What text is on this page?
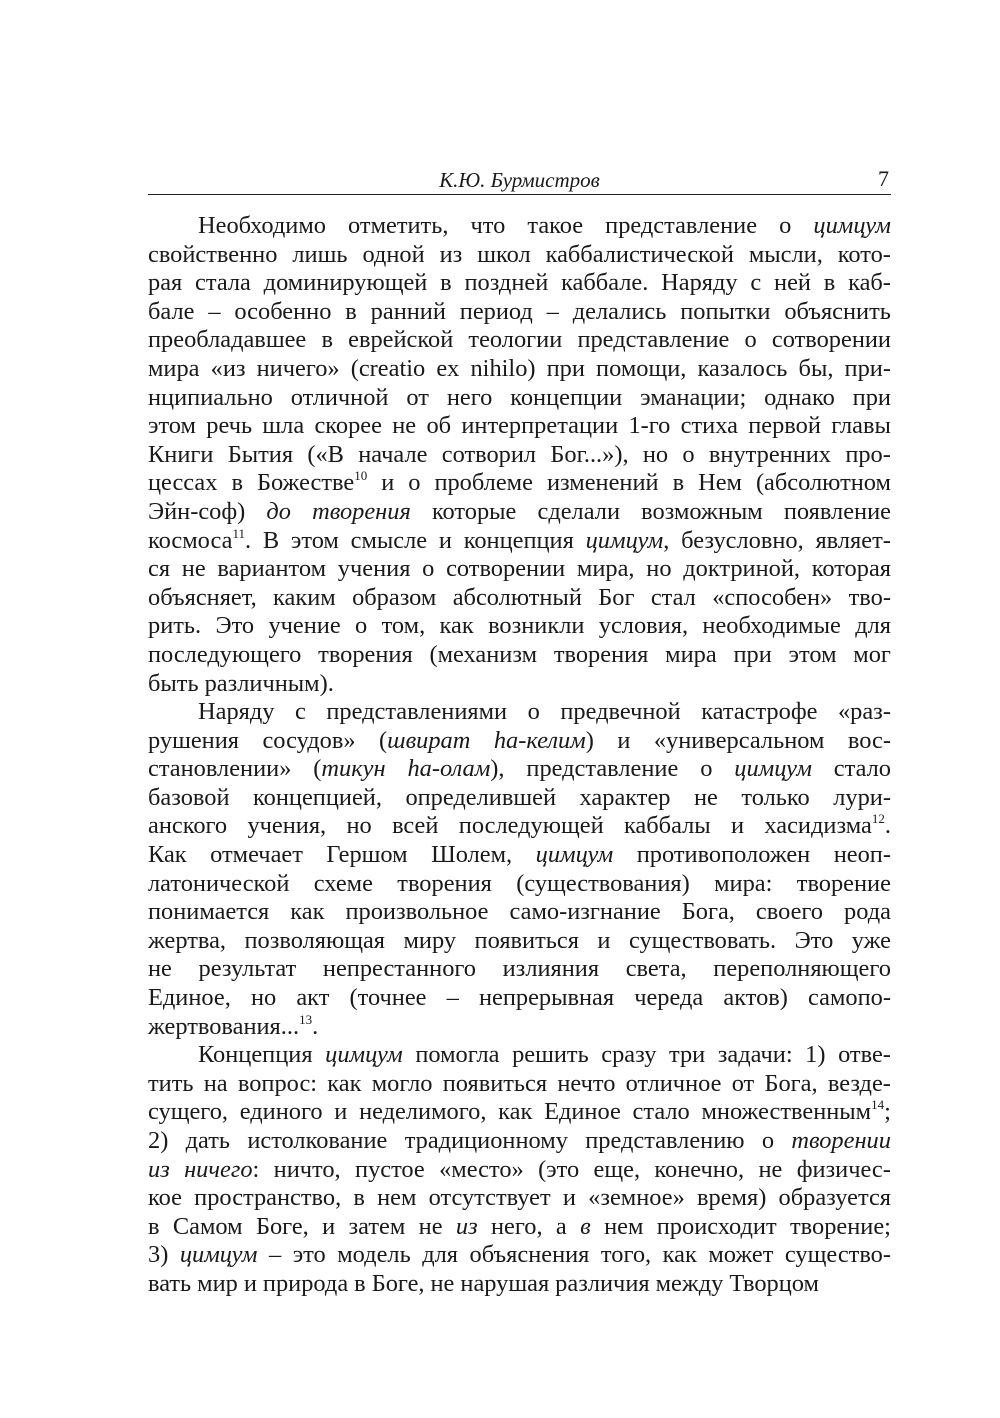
К.Ю. Бурмистров	7
Необходимо отметить, что такое представление о цимцум
свойственно лишь одной из школ каббалистической мысли, кото-
рая стала доминирующей в поздней каббале. Наряду с ней в каб-
бале – особенно в ранний период – делались попытки объяснить
преобладавшее в еврейской теологии представление о сотворении
мира «из ничего» (creatio ex nihilo) при помощи, казалось бы, при-
нципиально отличной от него концепции эманации; однако при
этом речь шла скорее не об интерпретации 1-го стиха первой главы
Книги Бытия («В начале сотворил Бог...»), но о внутренних про-
цессах в Божестве$^{10}$ и о проблеме изменений в Нем (абсолютном
Эйн-соф) до творения которые сделали возможным появление
космоса$^{11}$. В этом смысле и концепция цимцум, безусловно, являет-
ся не вариантом учения о сотворении мира, но доктриной, которая
объясняет, каким образом абсолютный Бог стал «способен» тво-
рить. Это учение о том, как возникли условия, необходимые для
последующего творения (механизм творения мира при этом мог
быть различным).
Наряду с представлениями о предвечной катастрофе «раз-
рушения сосудов» (швират hа-келим) и «универсальном вос-
становлении» (тикун hа-олам), представление о цимцум стало
базовой концепцией, определившей характер не только лури-
анского учения, но всей последующей каббалы и хасидизма$^{12}$.
Как отмечает Гершом Шолем, цимцум противоположен неоп-
латонической схеме творения (существования) мира: творение
понимается как произвольное само-изгнание Бога, своего рода
жертва, позволяющая миру появиться и существовать. Это уже
не результат непрестанного излияния света, переполняющего
Единое, но акт (точнее – непрерывная череда актов) самопо-
жертвования...$^{13}$.
Концепция цимцум помогла решить сразу три задачи: 1) отве-
тить на вопрос: как могло появиться нечто отличное от Бога, везде-
сущего, единого и неделимого, как Единое стало множественным$^{14}$;
2) дать истолкование традиционному представлению о творении
из ничего: ничто, пустое «место» (это еще, конечно, не физичес-
кое пространство, в нем отсутствует и «земное» время) образуется
в Самом Боге, и затем не из него, а в нем происходит творение;
3) цимцум – это модель для объяснения того, как может существо-
вать мир и природа в Боге, не нарушая различия между Творцом
